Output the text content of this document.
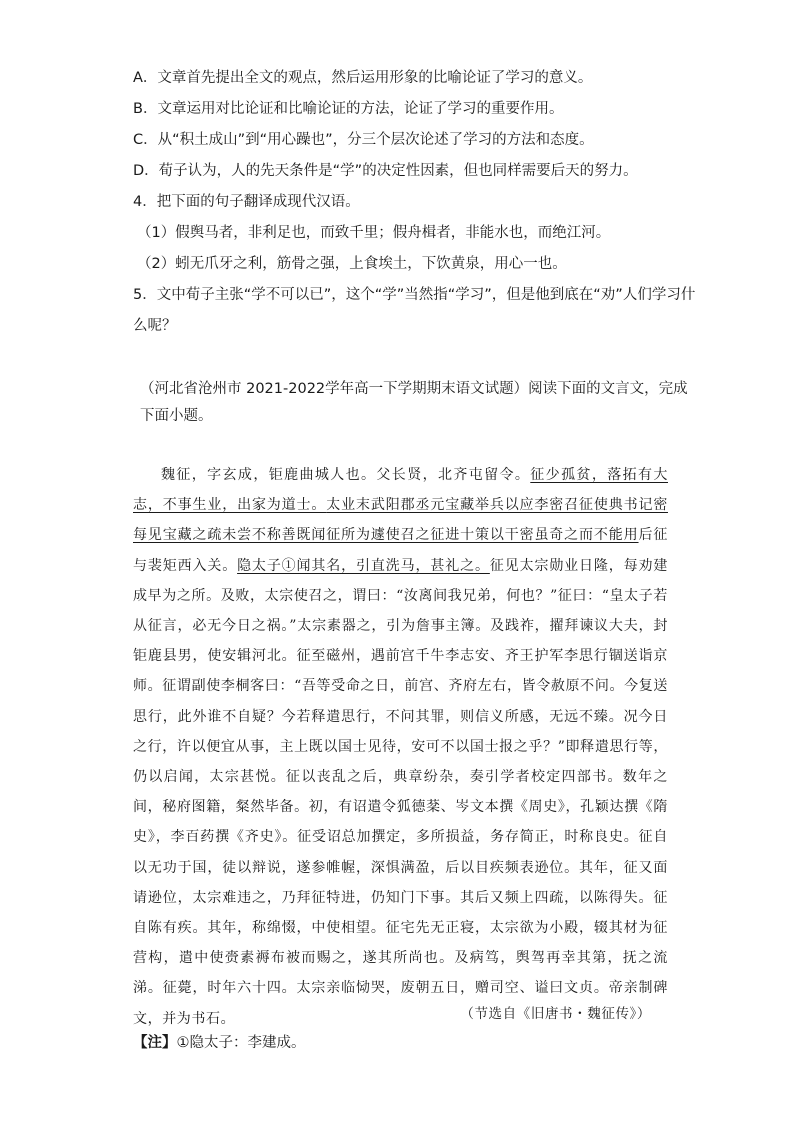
A．文章首先提出全文的观点，然后运用形象的比喻论证了学习的意义。
B．文章运用对比论证和比喻论证的方法，论证了学习的重要作用。
C．从“积土成山”到“用心躁也”，分三个层次论述了学习的方法和态度。
D．荀子认为，人的先天条件是“学”的决定性因素，但也同样需要后天的努力。
4．把下面的句子翻译成现代汉语。
（1）假舆马者，非利足也，而致千里；假舟楫者，非能水也，而绝江河。
（2）蚓无爪牙之利，筋骨之强，上食埃土，下饮黄泉，用心一也。
5．文中荀子主张“学不可以已”，这个“学”当然指“学习”，但是他到底在“劝”人们学习什
么呢？
（河北省沧州市 2021-2022学年高一下学期期末语文试题）阅读下面的文言文，完成下面小题。

魏征，字玄成，钜鹿曲城人也。父长贤，北齐屯留令。征少孤贫，落拓有大志，不事生业，出家为道士。太业末武阳郡丞元宝藏举兵以应李密召征使典书记密每见宝藏之疏未尝不称善既闻征所为遽使召之征进十策以干密虽奇之而不能用后征与裴矩西入关。隐太子①闻其名，引直洗马，甚礼之。征见太宗勋业日隆，每劝建成早为之所。及败，太宗使召之，谓曰：“汝离间我兄弟，何也？”征曰：“皇太子若从征言，必无今日之祸。”太宗素器之，引为詹事主簿。及践祚，擢拜谏议大夫，封钜鹿县男，使安辑河北。征至磁州，遇前宫千牛李志安、齐王护军李思行锢送诣京师。征谓副使李桐客曰：“吾等受命之日，前宫、齐府左右，皆令赦原不问。今复送思行，此外谁不自疑？今若释遣思行，不问其罪，则信义所感，无远不臻。况今日之行，许以便宜从事，主上既以国士见待，安可不以国士报之乎？”即释遣思行等，仍以启闻，太宗甚悦。征以丧乱之后，典章纷杂，奏引学者校定四部书。数年之间，秘府图籍，粲然毕备。初，有诏遣令狐德棻、岑文本撰《周史》，孔颖达撰《隋史》，李百药撰《齐史》。征受诏总加撰定，多所损益，务存简正，时称良史。征自以无功于国，徒以辩说，遂参帷幄，深惧满盈，后以目疾频表逊位。其年，征又面请逊位，太宗难违之，乃拜征特进，仍知门下事。其后又频上四疏，以陈得失。征自陈有疾。其年，称绵惙，中使相望。征宅先无正寝，太宗欲为小殿，辍其材为征营构，遣中使赍素褥布被而赐之，遂其所尚也。及病笃，舆驾再幸其第，抚之流涕。征薨，时年六十四。太宗亲临恸哭，废朝五日，赠司空、谥曰文贞。帝亲制碑文，并为书石。	（节选自《旧唐书・魏征传》）
【注】①隐太子：李建成。
